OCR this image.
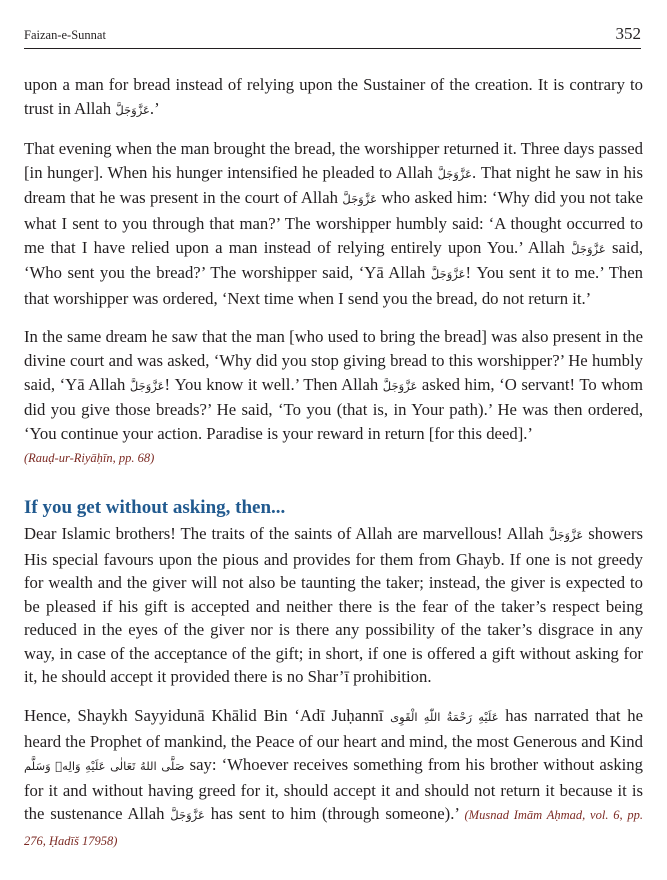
Faizan-e-Sunnat	352

upon a man for bread instead of relying upon the Sustainer of the creation. It is contrary to trust in Allah عَزَّوَجَلَّ.’

That evening when the man brought the bread, the worshipper returned it. Three days passed [in hunger]. When his hunger intensified he pleaded to Allah عَزَّوَجَلَّ. That night he saw in his dream that he was present in the court of Allah عَزَّوَجَلَّ who asked him: ‘Why did you not take what I sent to you through that man?’ The worshipper humbly said: ‘A thought occurred to me that I have relied upon a man instead of relying entirely upon You.’ Allah عَزَّوَجَلَّ said, ‘Who sent you the bread?’ The worshipper said, ‘Yā Allah عَزَّوَجَلَّ! You sent it to me.’ Then that worshipper was ordered, ‘Next time when I send you the bread, do not return it.’

In the same dream he saw that the man [who used to bring the bread] was also present in the divine court and was asked, ‘Why did you stop giving bread to this worshipper?’ He humbly said, ‘Yā Allah عَزَّوَجَلَّ! You know it well.’ Then Allah عَزَّوَجَلَّ asked him, ‘O servant! To whom did you give those breads?’ He said, ‘To you (that is, in Your path).’ He was then ordered, ‘You continue your action. Paradise is your reward in return [for this deed].’
(Rauḍ-ur-Riyāḥīn, pp. 68)

If you get without asking, then...

Dear Islamic brothers! The traits of the saints of Allah are marvellous! Allah عَزَّوَجَلَّ showers His special favours upon the pious and provides for them from Ghayb. If one is not greedy for wealth and the giver will not also be taunting the taker; instead, the giver is expected to be pleased if his gift is accepted and neither there is the fear of the taker’s respect being reduced in the eyes of the giver nor is there any possibility of the taker’s disgrace in any way, in case of the acceptance of the gift; in short, if one is offered a gift without asking for it, he should accept it provided there is no Shar’ī prohibition.

Hence, Shaykh Sayyidunā Khālid Bin ‘Adī Juḥannī عَلَيْهِ رَحْمَةُ اللّٰهِ الْقَوِى has narrated that he heard the Prophet of mankind, the Peace of our heart and mind, the most Generous and Kind صَلَّى اللهُ تَعَالٰى عَلَيْهِ وَالِهٖ وَسَلَّم say: ‘Whoever receives something from his brother without asking for it and without having greed for it, should accept it and should not return it because it is the sustenance Allah عَزَّوَجَلَّ has sent to him (through someone).’ (Musnad Imām Aḥmad, vol. 6, pp. 276, Ḥadīš 17958)
